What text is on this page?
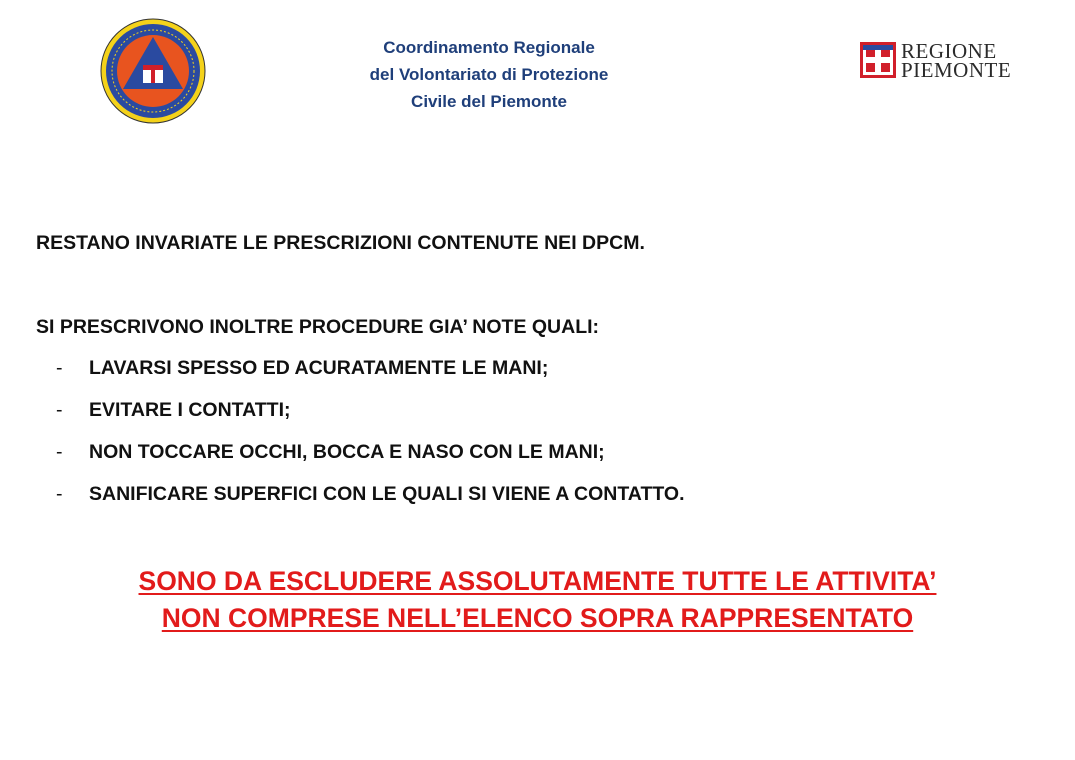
Coordinamento Regionale
del Volontariato di Protezione
Civile del Piemonte
REGIONE
PIEMONTE
RESTANO INVARIATE LE PRESCRIZIONI CONTENUTE NEI DPCM.
SI PRESCRIVONO INOLTRE PROCEDURE GIA’ NOTE QUALI:
- LAVARSI SPESSO ED ACURATAMENTE LE MANI;
- EVITARE I CONTATTI;
- NON TOCCARE OCCHI, BOCCA E NASO CON LE MANI;
- SANIFICARE SUPERFICI CON LE QUALI SI VIENE A CONTATTO.
SONO DA ESCLUDERE ASSOLUTAMENTE TUTTE LE ATTIVITA’
NON COMPRESE NELL’ELENCO SOPRA RAPPRESENTATO
